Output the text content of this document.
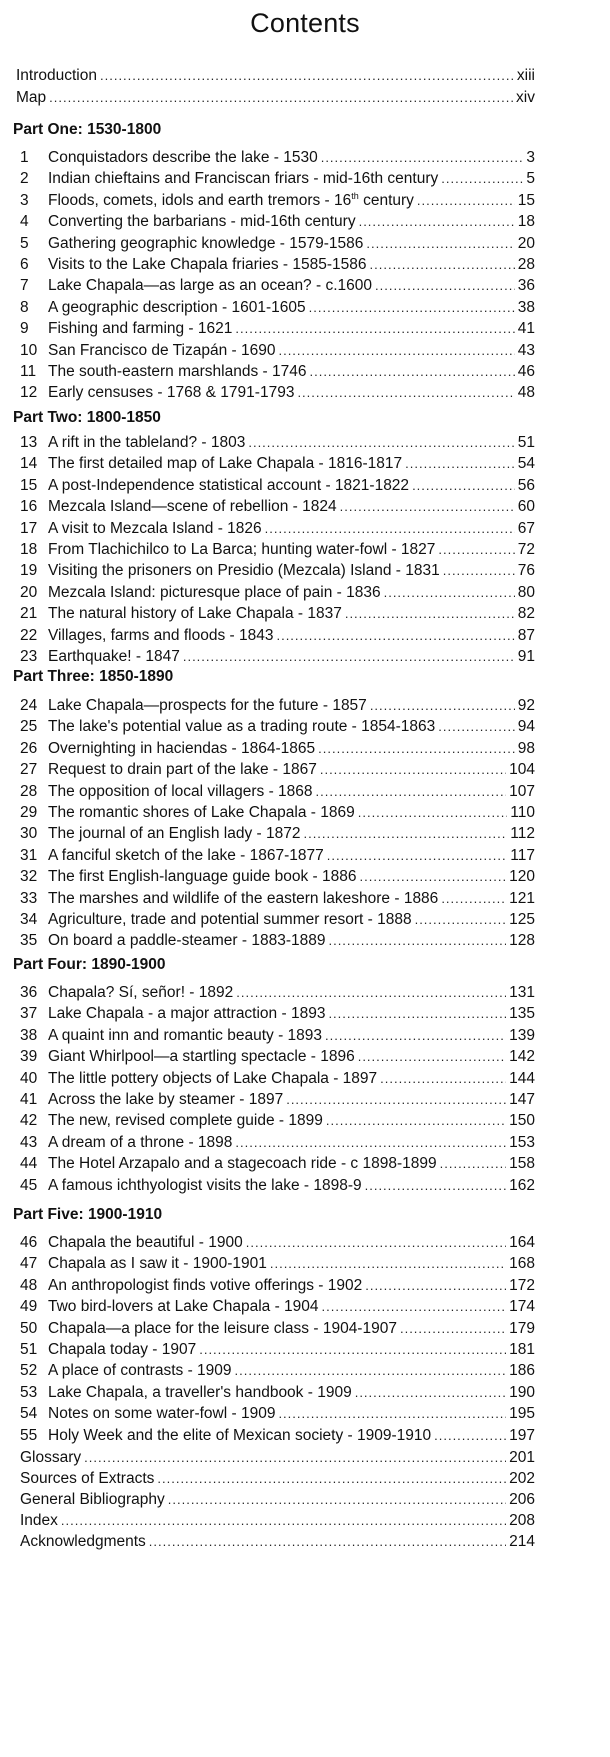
Contents
Introduction .....	xiii
Map .....	xiv
Part One: 1530-1800
1	Conquistadors describe the lake - 1530 .....	3
2	Indian chieftains and Franciscan friars - mid-16th century .....	5
3	Floods, comets, idols and earth tremors - 16th century .....	15
4	Converting the barbarians - mid-16th century .....	18
5	Gathering geographic knowledge - 1579-1586 .....	20
6	Visits to the Lake Chapala friaries - 1585-1586 .....	28
7	Lake Chapala—as large as an ocean? - c.1600 .....	36
8	A geographic description - 1601-1605 .....	38
9	Fishing and farming - 1621 .....	41
10 San Francisco de Tizapán - 1690 .....	43
11 The south-eastern marshlands - 1746 .....	46
12 Early censuses - 1768 & 1791-1793 .....	48
Part Two: 1800-1850
13 A rift in the tableland? - 1803 .....	51
14 The first detailed map of Lake Chapala - 1816-1817 .....	54
15 A post-Independence statistical account - 1821-1822 .....	56
16 Mezcala Island—scene of rebellion - 1824 .....	60
17 A visit to Mezcala Island - 1826 .....	67
18 From Tlachichilco to La Barca; hunting water-fowl - 1827 .....	72
19 Visiting the prisoners on Presidio (Mezcala) Island - 1831 .....	76
20 Mezcala Island: picturesque place of pain - 1836 .....	80
21 The natural history of Lake Chapala - 1837 .....	82
22 Villages, farms and floods - 1843 .....	87
23 Earthquake! - 1847 .....	91
Part Three: 1850-1890
24 Lake Chapala—prospects for the future - 1857 .....	92
25 The lake's potential value as a trading route - 1854-1863 .....	94
26 Overnighting in haciendas - 1864-1865 .....	98
27 Request to drain part of the lake - 1867 .....	104
28 The opposition of local villagers - 1868 .....	107
29 The romantic shores of Lake Chapala - 1869 .....	110
30 The journal of an English lady - 1872 .....	112
31 A fanciful sketch of the lake - 1867-1877 .....	117
32 The first English-language guide book - 1886 .....	120
33 The marshes and wildlife of the eastern lakeshore - 1886 .....	121
34 Agriculture, trade and potential summer resort - 1888 .....	125
35 On board a paddle-steamer - 1883-1889 .....	128
Part Four: 1890-1900
36 Chapala? Sí, señor! - 1892 .....	131
37 Lake Chapala - a major attraction - 1893 .....	135
38 A quaint inn and romantic beauty - 1893 .....	139
39 Giant Whirlpool—a startling spectacle - 1896 .....	142
40 The little pottery objects of Lake Chapala - 1897 .....	144
41 Across the lake by steamer - 1897 .....	147
42 The new, revised complete guide - 1899 .....	150
43 A dream of a throne - 1898 .....	153
44 The Hotel Arzapalo and a stagecoach ride - c 1898-1899 .....	158
45 A famous ichthyologist visits the lake - 1898-9 .....	162
Part Five: 1900-1910
46 Chapala the beautiful - 1900 .....	164
47 Chapala as I saw it - 1900-1901 .....	168
48 An anthropologist finds votive offerings - 1902 .....	172
49 Two bird-lovers at Lake Chapala - 1904 .....	174
50 Chapala—a place for the leisure class - 1904-1907 .....	179
51 Chapala today - 1907 .....	181
52 A place of contrasts - 1909 .....	186
53 Lake Chapala, a traveller's handbook - 1909 .....	190
54 Notes on some water-fowl - 1909 .....	195
55 Holy Week and the elite of Mexican society - 1909-1910 .....	197
Glossary .....	201
Sources of Extracts .....	202
General Bibliography .....	206
Index .....	208
Acknowledgments .....	214
